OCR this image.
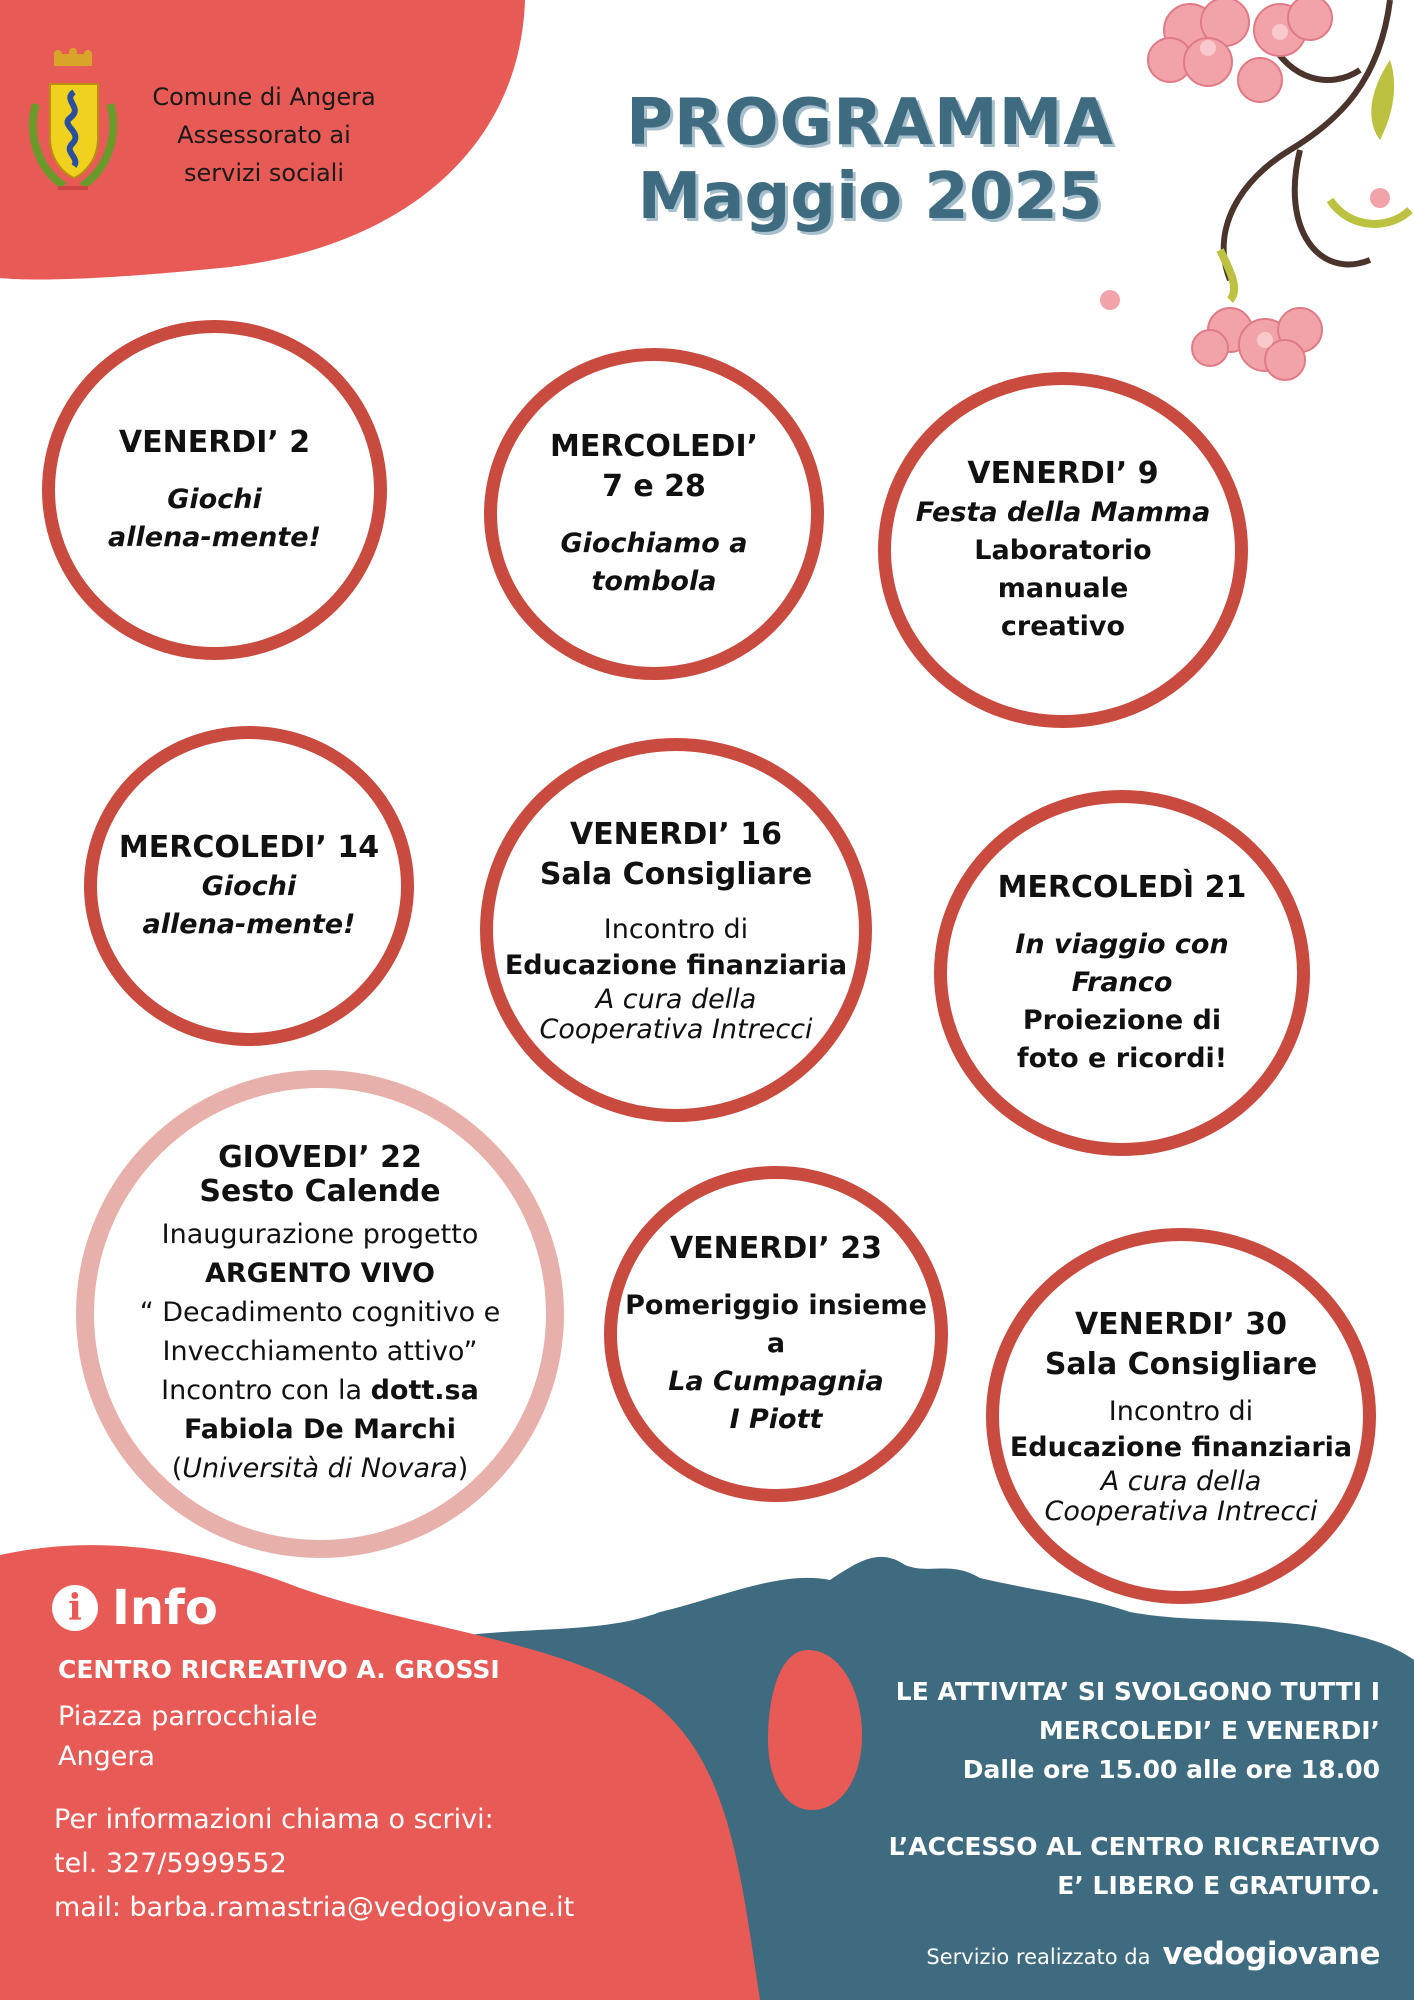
Comune di Angera
Assessorato ai
servizi sociali
PROGRAMMA
Maggio 2025
VENERDI’ 2
Giochi
allena-mente!
MERCOLEDI’
7 e 28
Giochiamo a
tombola
VENERDI’ 9
Festa della Mamma
Laboratorio manuale
creativo
MERCOLEDI’ 14
Giochi
allena-mente!
VENERDI’ 16
Sala Consigliare
Incontro di
Educazione finanziaria
A cura della
Cooperativa Intrecci
MERCOLEDÌ 21
In viaggio con
Franco
Proiezione di
foto e ricordi!
GIOVEDI’ 22
Sesto Calende
Inaugurazione progetto
ARGENTO VIVO
“ Decadimento cognitivo e
Invecchiamento attivo”
Incontro con la dott.sa
Fabiola De Marchi
(Università di Novara)
VENERDI’ 23
Pomeriggio insieme
a
La Cumpagnia
I Piott
VENERDI’ 30
Sala Consigliare
Incontro di
Educazione finanziaria
A cura della
Cooperativa Intrecci
i Info
CENTRO RICREATIVO A. GROSSI
Piazza parrocchiale
Angera
Per informazioni chiama o scrivi:
tel. 327/5999552
mail: barba.ramastria@vedogiovane.it
LE ATTIVITA’ SI SVOLGONO TUTTI I
MERCOLEDI’ E VENERDI’
Dalle ore 15.00 alle ore 18.00
L’ACCESSO AL CENTRO RICREATIVO
E’ LIBERO E GRATUITO.
Servizio realizzato da vedogiovane
